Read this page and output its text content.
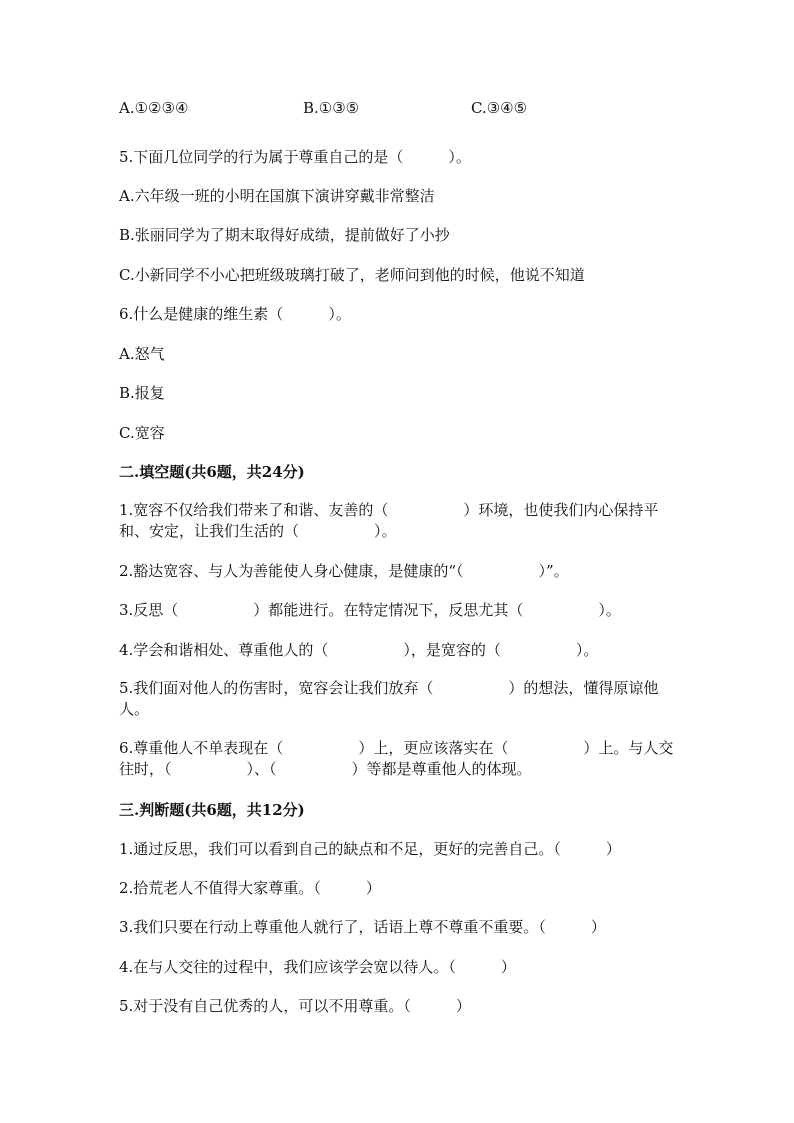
A.①②③④	B.①③⑤	C.③④⑤
5.下面几位同学的行为属于尊重自己的是（　　　）。
A.六年级一班的小明在国旗下演讲穿戴非常整洁
B.张丽同学为了期末取得好成绩，提前做好了小抄
C.小新同学不小心把班级玻璃打破了，老师问到他的时候，他说不知道
6.什么是健康的维生素（　　　）。
A.怒气
B.报复
C.宽容
二.填空题(共6题，共24分)
1.宽容不仅给我们带来了和谐、友善的（　　　　　）环境，也使我们内心保持平和、安定，让我们生活的（　　　　　）。
2.豁达宽容、与人为善能使人身心健康，是健康的“（　　　　　）”。
3.反思（　　　　　）都能进行。在特定情况下，反思尤其（　　　　　）。
4.学会和谐相处、尊重他人的（　　　　　），是宽容的（　　　　　）。
5.我们面对他人的伤害时，宽容会让我们放弃（　　　　　）的想法，懂得原谅他人。
6.尊重他人不单表现在（　　　　　）上，更应该落实在（　　　　　）上。与人交往时，（　　　　　）、（　　　　　）等都是尊重他人的体现。
三.判断题(共6题，共12分)
1.通过反思，我们可以看到自己的缺点和不足，更好的完善自己。（　　　）
2.拾荒老人不值得大家尊重。（　　　）
3.我们只要在行动上尊重他人就行了，话语上尊不尊重不重要。（　　　）
4.在与人交往的过程中，我们应该学会宽以待人。（　　　）
5.对于没有自己优秀的人，可以不用尊重。（　　　）
